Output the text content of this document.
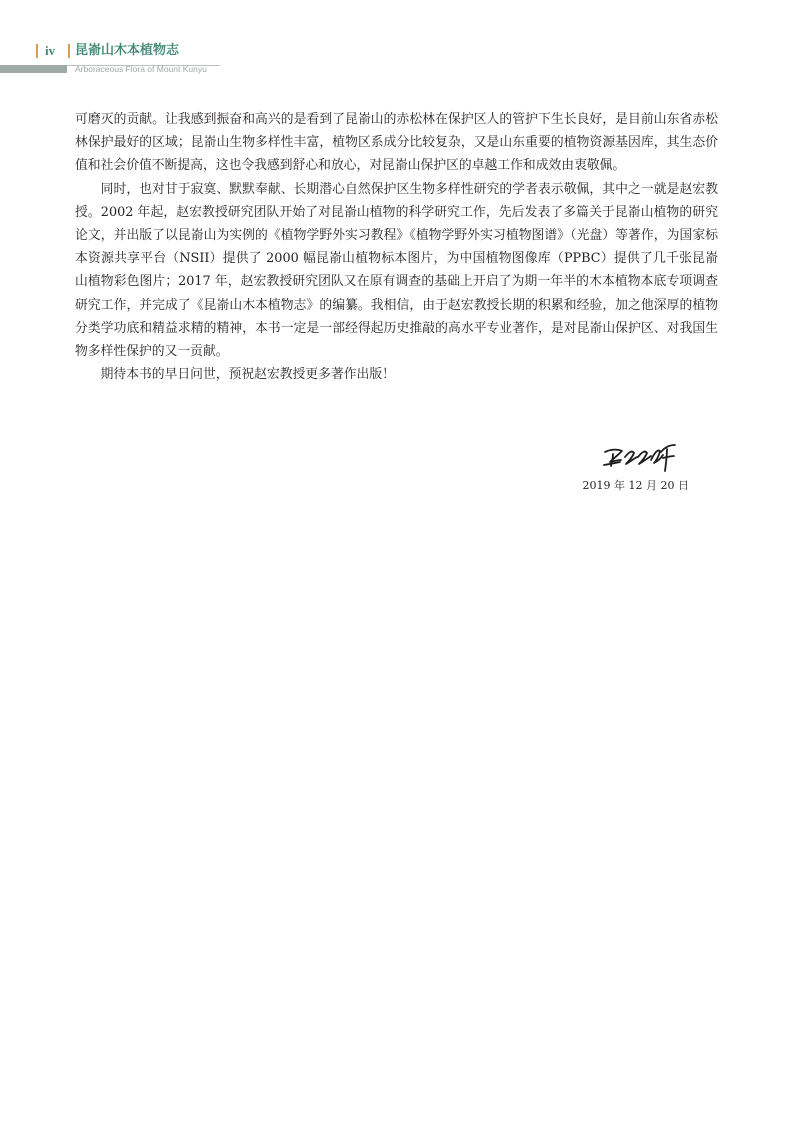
iv 昆嵛山木本植物志
Arboraceous Flora of Mount Kunyu

可磨灭的贡献。让我感到振奋和高兴的是看到了昆嵛山的赤松林在保护区人的管护下生长良好，是目前山东省赤松林保护最好的区域；昆嵛山生物多样性丰富，植物区系成分比较复杂，又是山东重要的植物资源基因库，其生态价值和社会价值不断提高，这也令我感到舒心和放心，对昆嵛山保护区的卓越工作和成效由衷敬佩。

同时，也对甘于寂寞、默默奉献、长期潜心自然保护区生物多样性研究的学者表示敬佩，其中之一就是赵宏教授。2002 年起，赵宏教授研究团队开始了对昆嵛山植物的科学研究工作，先后发表了多篇关于昆嵛山植物的研究论文，并出版了以昆嵛山为实例的《植物学野外实习教程》《植物学野外实习植物图谱》（光盘）等著作，为国家标本资源共享平台（NSII）提供了 2000 幅昆嵛山植物标本图片，为中国植物图像库（PPBC）提供了几千张昆嵛山植物彩色图片；2017 年，赵宏教授研究团队又在原有调查的基础上开启了为期一年半的木本植物本底专项调查研究工作，并完成了《昆嵛山木本植物志》的编纂。我相信，由于赵宏教授长期的积累和经验，加之他深厚的植物分类学功底和精益求精的精神，本书一定是一部经得起历史推敲的高水平专业著作，是对昆嵛山保护区、对我国生物多样性保护的又一贡献。

期待本书的早日问世，预祝赵宏教授更多著作出版！

2019 年 12 月 20 日
